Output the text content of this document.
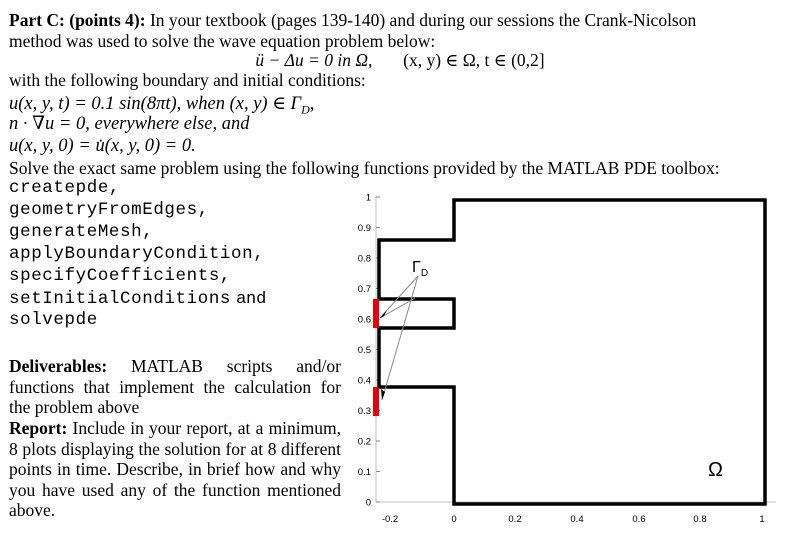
Part C: (points 4): In your textbook (pages 139-140) and during our sessions the Crank-Nicolson
method was used to solve the wave equation problem below:
ü − Δu = 0 in Ω, (x, y) ∈ Ω, t ∈ (0,2]
with the following boundary and initial conditions:
u(x, y, t) = 0.1 sin(8πt), when (x, y) ∈ $\Gamma_D$,
n · ∇u = 0, everywhere else, and
u(x, y, 0) = u̇(x, y, 0) = 0.
Solve the exact same problem using the following functions provided by the MATLAB PDE toolbox:
createpde,
geometryFromEdges,
generateMesh,
applyBoundaryCondition,
specifyCoefficients,
setInitialConditions and
solvepde
Deliverables: MATLAB scripts and/or functions that implement the calculation for the problem above
Report: Include in your report, at a minimum, 8 plots displaying the solution for at 8 different points in time. Describe, in brief how and why you have used any of the function mentioned above.
1
0.9
0.8
0.7
0.6
0.5
0.4
0.3
0.2
0.1
0
-0.2	0	0.2	0.4	0.6	0.8	1
$\Gamma_D$
Ω
